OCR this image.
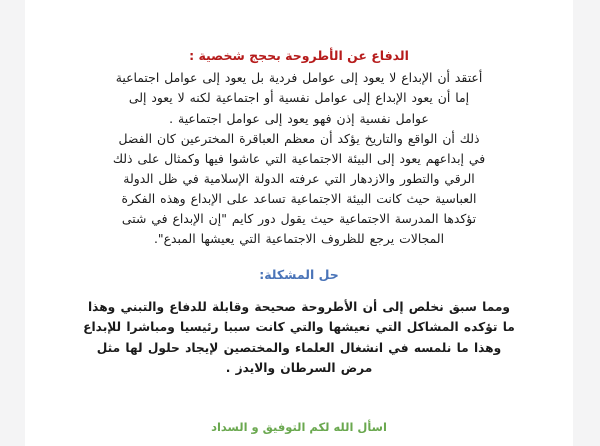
الدفاع عن الأطروحة بحجج شخصية :

أعتقد أن الإبداع لا يعود إلى عوامل فردية بل يعود إلى عوامل اجتماعية
إما أن يعود الإبداع إلى عوامل نفسية أو اجتماعية لكنه لا يعود إلى
عوامل نفسية إذن فهو يعود إلى عوامل اجتماعية .
ذلك أن الواقع والتاريخ يؤكد أن معظم العباقرة المخترعين كان الفضل
في إبداعهم يعود إلى البيئة الاجتماعية التي عاشوا فيها وكمثال على ذلك
الرقي والتطور والازدهار التي عرفته الدولة الإسلامية في ظل الدولة
العباسية حيث كانت البيئة الاجتماعية تساعد على الإبداع وهذه الفكرة
تؤكدها المدرسة الاجتماعية حيث يقول دور كايم "إن الإبداع في شتى
المجالات يرجع للظروف الاجتماعية التي يعيشها المبدع".

حل المشكلة:

ومما سبق نخلص إلى أن الأطروحة صحيحة وقابلة للدفاع والتبني وهذا
ما تؤكده المشاكل التي نعيشها والتي كانت سببا رئيسيا ومباشرا للإبداع
وهذا ما نلمسه في انشغال العلماء والمختصين لإيجاد حلول لها مثل
مرض السرطان والايدز .

اسأل الله لكم التوفيق و السداد
